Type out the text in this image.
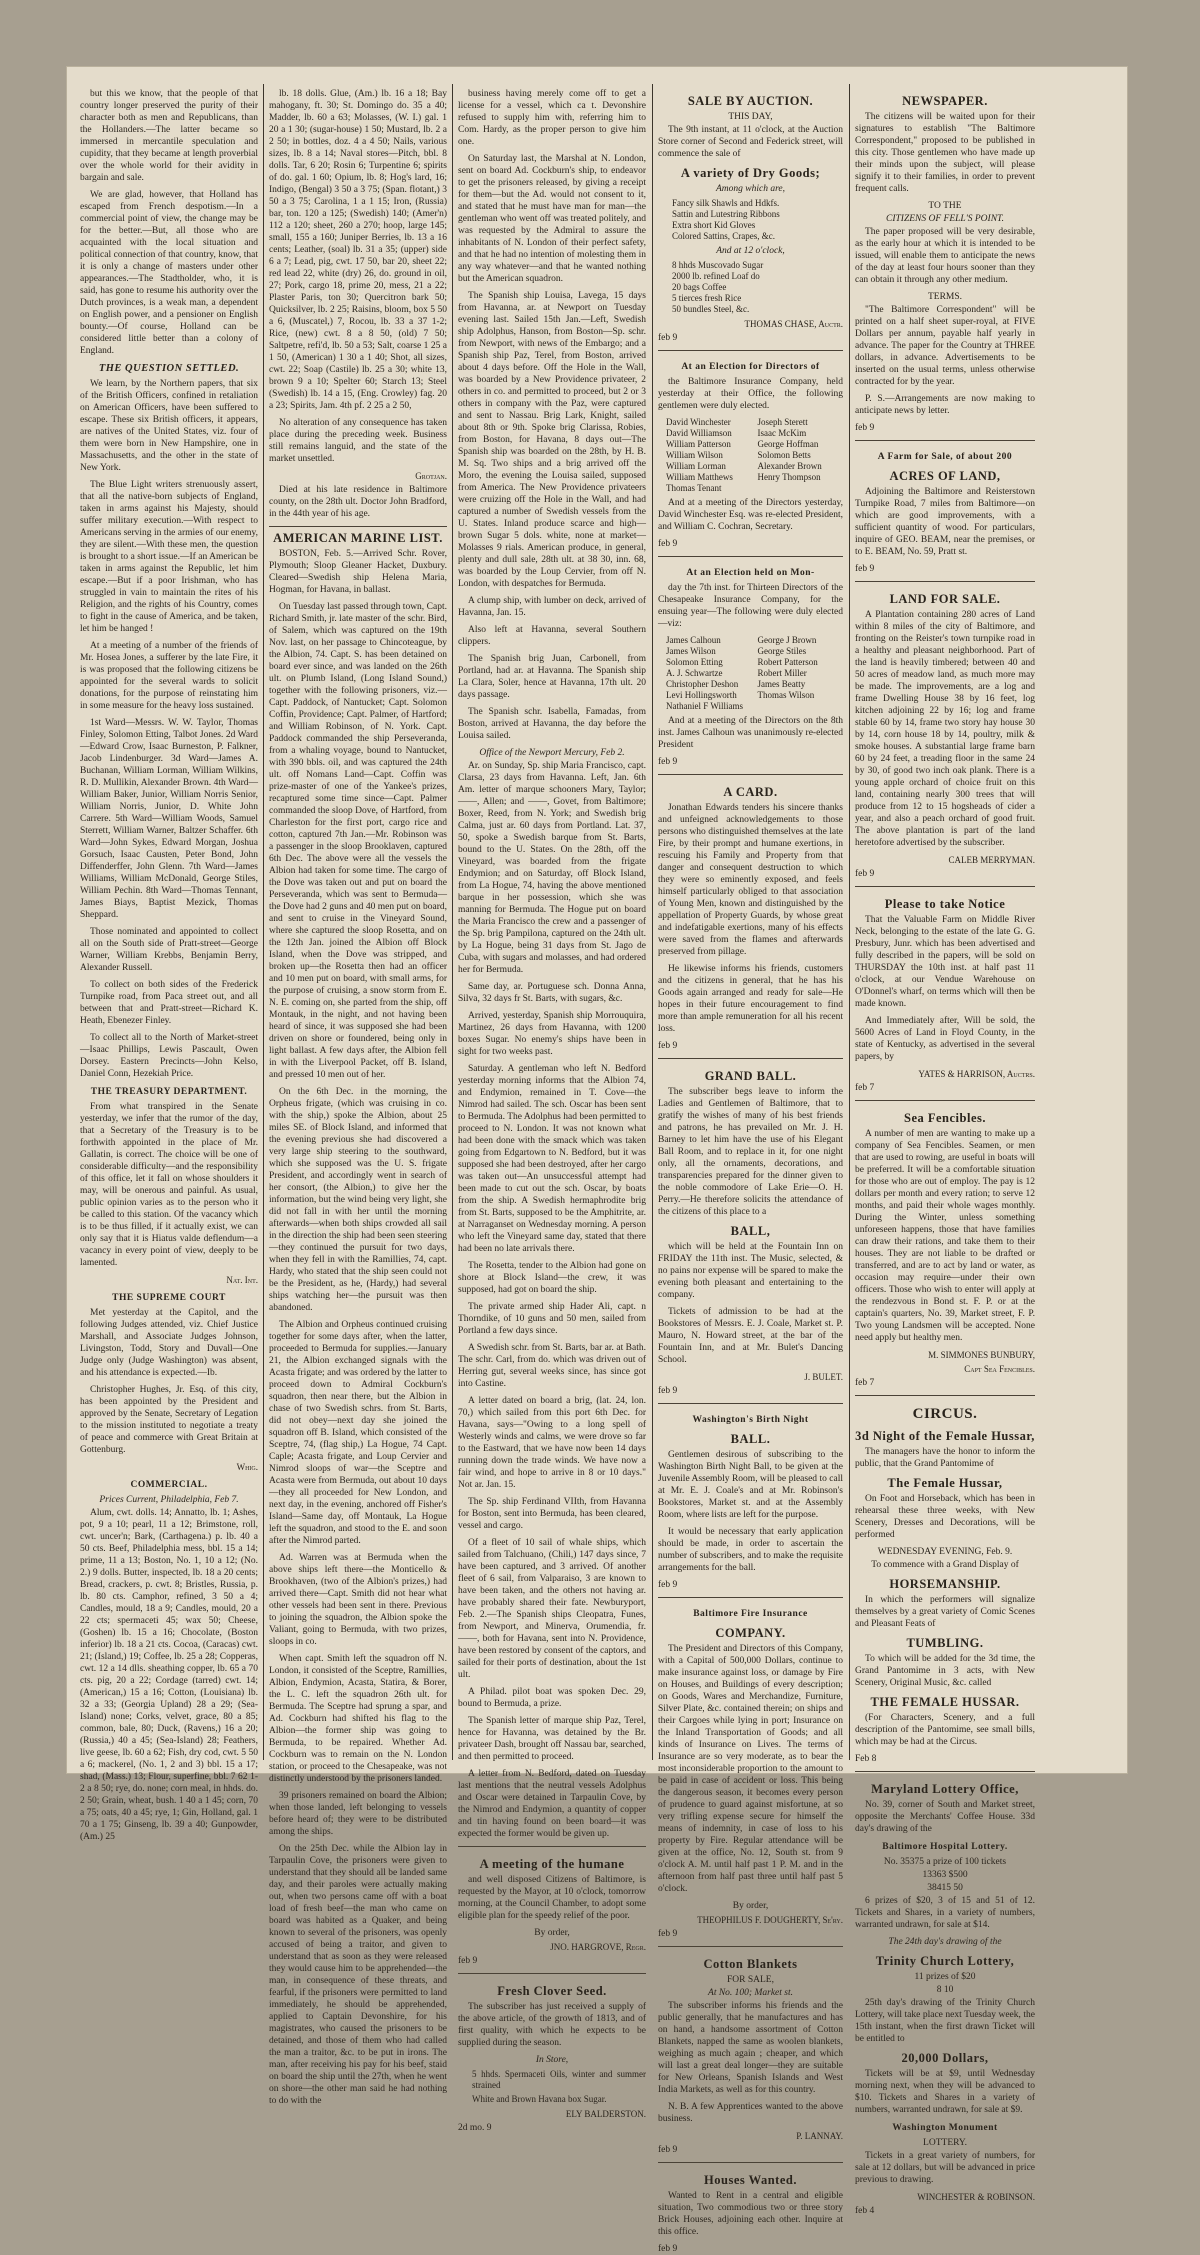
but this we know, that the people of that country longer preserved the purity of their character both as men and Republicans, than the Hollanders.—The latter became so immersed in mercantile speculation and cupidity, that they became at length proverbial over the whole world for their avidity in bargain and sale.

We are glad, however, that Holland has escaped from French despotism.—In a commercial point of view, the change may be for the better.—But, all those who are acquainted with the local situation and political connection of that country, know, that it is only a change of masters under other appearances.—The Stadtholder, who, it is said, has gone to resume his authority over the Dutch provinces, is a weak man, a dependent on English power, and a pensioner on English bounty.—Of course, Holland can be considered little better than a colony of England.

THE QUESTION SETTLED.

We learn, by the Northern papers, that six of the British Officers, confined in retaliation on American Officers, have been suffered to escape. These six British officers, it appears, are natives of the United States, viz. four of them were born in New Hampshire, one in Massachusetts, and the other in the state of New York.

The Blue Light writers strenuously assert, that all the native-born subjects of England, taken in arms against his Majesty, should suffer military execution.—With respect to Americans serving in the armies of our enemy, they are silent.—With these men, the question is brought to a short issue.—If an American be taken in arms against the Republic, let him escape.—But if a poor Irishman, who has struggled in vain to maintain the rites of his Religion, and the rights of his Country, comes to fight in the cause of America, and be taken, let him be hanged !

At a meeting of a number of the friends of Mr. Hosea Jones, a sufferer by the late Fire, it is was proposed that the following citizens be appointed for the several wards to solicit donations, for the purpose of reinstating him in some measure for the heavy loss sustained.

1st Ward—Messrs. W. W. Taylor, Thomas Finley, Solomon Etting, Talbot Jones. 2d Ward—Edward Crow, Isaac Burneston, P. Falkner, Jacob Lindenburger. 3d Ward—James A. Buchanan, William Lorman, William Wilkins, R. D. Mullikin, Alexander Brown. 4th Ward—William Baker, Junior, William Norris Senior, William Norris, Junior, D. White John Carrere. 5th Ward—William Woods, Samuel Sterrett, William Warner, Baltzer Schaffer. 6th Ward—John Sykes, Edward Morgan, Joshua Gorsuch, Isaac Causten, Peter Bond, John Diffenderffer, John Glenn. 7th Ward—James Williams, William McDonald, George Stiles, William Pechin. 8th Ward—Thomas Tennant, James Biays, Baptist Mezick, Thomas Sheppard.

Those nominated and appointed to collect all on the South side of Pratt-street—George Warner, William Krebbs, Benjamin Berry, Alexander Russell.

To collect on both sides of the Frederick Turnpike road, from Paca street out, and all between that and Pratt-street—Richard K. Heath, Ebenezer Finley.

To collect all to the North of Market-street—Isaac Phillips, Lewis Pascault, Owen Dorsey. Eastern Precincts—John Kelso, Daniel Conn, Hezekiah Price.

THE TREASURY DEPARTMENT.

From what transpired in the Senate yesterday, we infer that the rumor of the day, that a Secretary of the Treasury is to be forthwith appointed in the place of Mr. Gallatin, is correct. The choice will be one of considerable difficulty—and the responsibility of this office, let it fall on whose shoulders it may, will be onerous and painful. As usual, public opinion varies as to the person who it be called to this station. Of the vacancy which is to be thus filled, if it actually exist, we can only say that it is Hiatus valde deflendum—a vacancy in every point of view, deeply to be lamented.

Nat. Int.
THE SUPREME COURT

Met yesterday at the Capitol, and the following Judges attended, viz. Chief Justice Marshall, and Associate Judges Johnson, Livingston, Todd, Story and Duvall—One Judge only (Judge Washington) was absent, and his attendance is expected.—Ib.

Christopher Hughes, Jr. Esq. of this city, has been appointed by the President and approved by the Senate, Secretary of Legation to the mission instituted to negotiate a treaty of peace and commerce with Great Britain at Gottenburg.

Whig.
COMMERCIAL.
Prices Current, Philadelphia, Feb 7.

Alum, cwt. dolls. 14; Annatto, lb. 1; Ashes, pot, 9 a 10; pearl, 11 a 12; Brimstone, roll, cwt. uncer'n; Bark, (Carthagena.) p. lb. 40 a 50 cts. Beef, Philadelphia mess, bbl. 15 a 14; prime, 11 a 13; Boston, No. 1, 10 a 12; (No. 2.) 9 dolls. Butter, inspected, lb. 18 a 20 cents; Bread, crackers, p. cwt. 8; Bristles, Russia, p. lb. 80 cts. Camphor, refined, 3 50 a 4; Candles, mould, 18 a 9; Candles, mould, 20 a 22 cts; spermaceti 45; wax 50; Cheese, (Goshen) lb. 15 a 16; Chocolate, (Boston inferior) lb. 18 a 21 cts. Cocoa, (Caracas) cwt. 21; (Island,) 19; Coffee, lb. 25 a 28; Copperas, cwt. 12 a 14 dlls. sheathing copper, lb. 65 a 70 cts. pig, 20 a 22; Cordage (tarred) cwt. 14; (American,) 15 a 16; Cotton, (Louisiana) lb. 32 a 33; (Georgia Upland) 28 a 29; (Sea-Island) none; Corks, velvet, grace, 80 a 85; common, bale, 80; Duck, (Ravens,) 16 a 20; (Russia,) 40 a 45; (Sea-Island) 28; Feathers, live geese, lb. 60 a 62; Fish, dry cod, cwt. 5 50 a 6; mackerel, (No. 1, 2 and 3) bbl. 15 a 17; shad, (Mass.) 13; Flour, superfine, bbl. 7 62 1-2 a 8 50; rye, do. none; corn meal, in hhds. do. 2 50; Grain, wheat, bush. 1 40 a 1 45; corn, 70 a 75; oats, 40 a 45; rye, 1; Gin, Holland, gal. 1 70 a 1 75; Ginseng, lb. 39 a 40; Gunpowder, (Am.) 25

lb. 18 dolls. Glue, (Am.) lb. 16 a 18; Bay mahogany, ft. 30; St. Domingo do. 35 a 40; Madder, lb. 60 a 63; Molasses, (W. I.) gal. 1 20 a 1 30; (sugar-house) 1 50; Mustard, lb. 2 a 2 50; in bottles, doz. 4 a 4 50; Nails, various sizes, lb. 8 a 14; Naval stores—Pitch, bbl. 8 dolls. Tar, 6 20; Rosin 6; Turpentine 6; spirits of do. gal. 1 60; Opium, lb. 8; Hog's lard, 16; Indigo, (Bengal) 3 50 a 3 75; (Span. flotant,) 3 50 a 3 75; Carolina, 1 a 1 15; Iron, (Russia) bar, ton. 120 a 125; (Swedish) 140; (Amer'n) 112 a 120; sheet, 260 a 270; hoop, large 145; small, 155 a 160; Juniper Berries, lb. 13 a 16 cents; Leather, (soal) lb. 31 a 35; (upper) side 6 a 7; Lead, pig, cwt. 17 50, bar 20, sheet 22; red lead 22, white (dry) 26, do. ground in oil, 27; Pork, cargo 18, prime 20, mess, 21 a 22; Plaster Paris, ton 30; Quercitron bark 50; Quicksilver, lb. 2 25; Raisins, bloom, box 5 50 a 6, (Muscatel,) 7, Rocou, lb. 33 a 37 1-2; Rice, (new) cwt. 8 a 8 50, (old) 7 50; Saltpetre, refi'd, lb. 50 a 53; Salt, coarse 1 25 a 1 50, (American) 1 30 a 1 40; Shot, all sizes, cwt. 22; Soap (Castile) lb. 25 a 30; white 13, brown 9 a 10; Spelter 60; Starch 13; Steel (Swedish) lb. 14 a 15, (Eng. Crowley) fag. 20 a 23; Spirits, Jam. 4th pf. 2 25 a 2 50,

No alteration of any consequence has taken place during the preceding week. Business still remains languid, and the state of the market unsettled.

Grotjan.

Died at his late residence in Baltimore county, on the 28th ult. Doctor John Bradford, in the 44th year of his age.

AMERICAN MARINE LIST.

BOSTON, Feb. 5.—Arrived Schr. Rover, Plymouth; Sloop Gleaner Hacket, Duxbury. Cleared—Swedish ship Helena Maria, Hogman, for Havana, in ballast.

On Tuesday last passed through town, Capt. Richard Smith, jr. late master of the schr. Bird, of Salem, which was captured on the 19th Nov. last, on her passage to Chincoteague, by the Albion, 74. Capt. S. has been detained on board ever since, and was landed on the 26th ult. on Plumb Island, (Long Island Sound,) together with the following prisoners, viz.—Capt. Paddock, of Nantucket; Capt. Solomon Coffin, Providence; Capt. Palmer, of Hartford; and William Robinson, of N. York. Capt. Paddock commanded the ship Perseveranda, from a whaling voyage, bound to Nantucket, with 390 bbls. oil, and was captured the 24th ult. off Nomans Land—Capt. Coffin was prize-master of one of the Yankee's prizes, recaptured some time since—Capt. Palmer commanded the sloop Dove, of Hartford, from Charleston for the first port, cargo rice and cotton, captured 7th Jan.—Mr. Robinson was a passenger in the sloop Brooklaven, captured 6th Dec. The above were all the vessels the Albion had taken for some time. The cargo of the Dove was taken out and put on board the Perseveranda, which was sent to Bermuda—the Dove had 2 guns and 40 men put on board, and sent to cruise in the Vineyard Sound, where she captured the sloop Rosetta, and on the 12th Jan. joined the Albion off Block Island, when the Dove was stripped, and broken up—the Rosetta then had an officer and 10 men put on board, with small arms, for the purpose of cruising, a snow storm from E. N. E. coming on, she parted from the ship, off Montauk, in the night, and not having been heard of since, it was supposed she had been driven on shore or foundered, being only in light ballast. A few days after, the Albion fell in with the Liverpool Packet, off B. Island, and pressed 10 men out of her.

On the 6th Dec. in the morning, the Orpheus frigate, (which was cruising in co. with the ship,) spoke the Albion, about 25 miles SE. of Block Island, and informed that the evening previous she had discovered a very large ship steering to the southward, which she supposed was the U. S. frigate President, and accordingly went in search of her consort, (the Albion,) to give her the information, but the wind being very light, she did not fall in with her until the morning afterwards—when both ships crowded all sail in the direction the ship had been seen steering—they continued the pursuit for two days, when they fell in with the Ramillies, 74, capt. Hardy, who stated that the ship seen could not be the President, as he, (Hardy,) had several ships watching her—the pursuit was then abandoned.

The Albion and Orpheus continued cruising together for some days after, when the latter, proceeded to Bermuda for supplies.—January 21, the Albion exchanged signals with the Acasta frigate; and was ordered by the latter to proceed down to Admiral Cockburn's squadron, then near there, but the Albion in chase of two Swedish schrs. from St. Barts, did not obey—next day she joined the squadron off B. Island, which consisted of the Sceptre, 74, (flag ship,) La Hogue, 74 Capt. Caple; Acasta frigate, and Loup Cervier and Nimrod sloops of war—the Sceptre and Acasta were from Bermuda, out about 10 days—they all proceeded for New London, and next day, in the evening, anchored off Fisher's Island—Same day, off Montauk, La Hogue left the squadron, and stood to the E. and soon after the Nimrod parted.

Ad. Warren was at Bermuda when the above ships left there—the Monticello & Brookhaven, (two of the Albion's prizes,) had arrived there—Capt. Smith did not hear what other vessels had been sent in there. Previous to joining the squadron, the Albion spoke the Valiant, going to Bermuda, with two prizes, sloops in co.

When capt. Smith left the squadron off N. London, it consisted of the Sceptre, Ramillies, Albion, Endymion, Acasta, Statira, & Borer, the L. C. left the squadron 26th ult. for Bermuda. The Sceptre had sprung a spar, and Ad. Cockburn had shifted his flag to the Albion—the former ship was going to Bermuda, to be repaired. Whether Ad. Cockburn was to remain on the N. London station, or proceed to the Chesapeake, was not distinctly understood by the prisoners landed.

39 prisoners remained on board the Albion; when those landed, left belonging to vessels before heard of; they were to be distributed among the ships.

On the 25th Dec. while the Albion lay in Tarpaulin Cove, the prisoners were given to understand that they should all be landed same day, and their paroles were actually making out, when two persons came off with a boat load of fresh beef—the man who came on board was habited as a Quaker, and being known to several of the prisoners, was openly accused of being a traitor, and given to understand that as soon as they were released they would cause him to be apprehended—the man, in consequence of these threats, and fearful, if the prisoners were permitted to land immediately, he should be apprehended, applied to Captain Devonshire, for his magistrates, who caused the prisoners to be detained, and those of them who had called the man a traitor, &c. to be put in irons. The man, after receiving his pay for his beef, staid on board the ship until the 27th, when he went on shore—the other man said he had nothing to do with the

business having merely come off to get a license for a vessel, which ca t. Devonshire refused to supply him with, referring him to Com. Hardy, as the proper person to give him one.

On Saturday last, the Marshal at N. London, sent on board Ad. Cockburn's ship, to endeavor to get the prisoners released, by giving a receipt for them—but the Ad. would not consent to it, and stated that he must have man for man—the gentleman who went off was treated politely, and was requested by the Admiral to assure the inhabitants of N. London of their perfect safety, and that he had no intention of molesting them in any way whatever—and that he wanted nothing but the American squadron.

The Spanish ship Louisa, Lavega, 15 days from Havanna, ar. at Newport on Tuesday evening last. Sailed 15th Jan.—Left, Swedish ship Adolphus, Hanson, from Boston—Sp. schr. from Newport, with news of the Embargo; and a Spanish ship Paz, Terel, from Boston, arrived about 4 days before. Off the Hole in the Wall, was boarded by a New Providence privateer, 2 others in co. and permitted to proceed, but 2 or 3 others in company with the Paz, were captured and sent to Nassau. Brig Lark, Knight, sailed about 8th or 9th. Spoke brig Clarissa, Robies, from Boston, for Havana, 8 days out—The Spanish ship was boarded on the 28th, by H. B. M. Sq. Two ships and a brig arrived off the Moro, the evening the Louisa sailed, supposed from America. The New Providence privateers were cruizing off the Hole in the Wall, and had captured a number of Swedish vessels from the U. States. Inland produce scarce and high—brown Sugar 5 dols. white, none at market—Molasses 9 rials. American produce, in general, plenty and dull sale, 28th ult. at 38 30, inn. 68, was boarded by the Loup Cervier, from off N. London, with despatches for Bermuda.

A clump ship, with lumber on deck, arrived of Havanna, Jan. 15.

Also left at Havanna, several Southern clippers.

The Spanish brig Juan, Carbonell, from Portland, had ar. at Havanna. The Spanish ship La Clara, Soler, hence at Havanna, 17th ult. 20 days passage.

The Spanish schr. Isabella, Famadas, from Boston, arrived at Havanna, the day before the Louisa sailed.

Office of the Newport Mercury, Feb 2.

Ar. on Sunday, Sp. ship Maria Francisco, capt. Clarsa, 23 days from Havanna. Left, Jan. 6th Am. letter of marque schooners Mary, Taylor; ——, Allen; and ——, Govet, from Baltimore; Boxer, Reed, from N. York; and Swedish brig Calma, just ar. 60 days from Portland. Lat. 37, 50, spoke a Swedish barque from St. Barts, bound to the U. States. On the 28th, off the Vineyard, was boarded from the frigate Endymion; and on Saturday, off Block Island, from La Hogue, 74, having the above mentioned barque in her possession, which she was manning for Bermuda. The Hogue put on board the Maria Francisco the crew and a passenger of the Sp. brig Pampilona, captured on the 24th ult. by La Hogue, being 31 days from St. Jago de Cuba, with sugars and molasses, and had ordered her for Bermuda.

Same day, ar. Portuguese sch. Donna Anna, Silva, 32 days fr St. Barts, with sugars, &c.

Arrived, yesterday, Spanish ship Morrouquira, Martinez, 26 days from Havanna, with 1200 boxes Sugar. No enemy's ships have been in sight for two weeks past.

Saturday. A gentleman who left N. Bedford yesterday morning informs that the Albion 74, and Endymion, remained in T. Cove—the Nimrod had sailed. The sch. Oscar has been sent to Bermuda. The Adolphus had been permitted to proceed to N. London. It was not known what had been done with the smack which was taken going from Edgartown to N. Bedford, but it was supposed she had been destroyed, after her cargo was taken out—An unsuccessful attempt had been made to cut out the sch. Oscar, by boats from the ship. A Swedish hermaphrodite brig from St. Barts, supposed to be the Amphitrite, ar. at Narraganset on Wednesday morning. A person who left the Vineyard same day, stated that there had been no late arrivals there.

The Rosetta, tender to the Albion had gone on shore at Block Island—the crew, it was supposed, had got on board the ship.

The private armed ship Hader Ali, capt. n Thorndike, of 10 guns and 50 men, sailed from Portland a few days since.

A Swedish schr. from St. Barts, bar ar. at Bath. The schr. Carl, from do. which was driven out of Herring gut, several weeks since, has since got into Castine.

A letter dated on board a brig, (lat. 24, lon. 70,) which sailed from this port 6th Dec. for Havana, says—"Owing to a long spell of Westerly winds and calms, we were drove so far to the Eastward, that we have now been 14 days running down the trade winds. We have now a fair wind, and hope to arrive in 8 or 10 days." Not ar. Jan. 15.

The Sp. ship Ferdinand VIIth, from Havanna for Boston, sent into Bermuda, has been cleared, vessel and cargo.

Of a fleet of 10 sail of whale ships, which sailed from Talchuano, (Chili,) 147 days since, 7 have been captured, and 3 arrived. Of another fleet of 6 sail, from Valparaiso, 3 are known to have been taken, and the others not having ar. have probably shared their fate. Newburyport, Feb. 2.—The Spanish ships Cleopatra, Funes, from Newport, and Minerva, Orumendia, fr. ——, both for Havana, sent into N. Providence, have been restored by consent of the captors, and sailed for their ports of destination, about the 1st ult.

A Philad. pilot boat was spoken Dec. 29, bound to Bermuda, a prize.

The Spanish letter of marque ship Paz, Terel, hence for Havanna, was detained by the Br. privateer Dash, brought off Nassau bar, searched, and then permitted to proceed.

A letter from N. Bedford, dated on Tuesday last mentions that the neutral vessels Adolphus and Oscar were detained in Tarpaulin Cove, by the Nimrod and Endymion, a quantity of copper and tin having found on been board—it was expected the former would be given up.

A meeting of the humane

and well disposed Citizens of Baltimore, is requested by the Mayor, at 10 o'clock, tomorrow morning, at the Council Chamber, to adopt some eligible plan for the speedy relief of the poor.

By order,
JNO. HARGROVE, Regr.
feb 9
Fresh Clover Seed.

The subscriber has just received a supply of the above article, of the growth of 1813, and of first quality, with which he expects to be supplied during the season.

In Store,
5 hhds. Spermaceti Oils, winter and summer strained
White and Brown Havana box Sugar.
ELY BALDERSTON.
2d mo. 9
SALE BY AUCTION.
THIS DAY,

The 9th instant, at 11 o'clock, at the Auction Store corner of Second and Federick street, will commence the sale of

A variety of Dry Goods;
Among which are,
Fancy silk Shawls and Hdkfs.
Sattin and Lutestring Ribbons
Extra short Kid Gloves
Colored Sattins, Crapes, &c.
And at 12 o'clock,
8 hhds Muscovado Sugar
2000 lb. refined Loaf do
20 bags Coffee
5 tierces fresh Rice
50 bundles Steel, &c.
THOMAS CHASE, Auctr.
feb 9
At an Election for Directors of

the Baltimore Insurance Company, held yesterday at their Office, the following gentlemen were duly elected.

David Winchester	Joseph Sterett
David Williamson	Isaac McKim
William Patterson	George Hoffman
William Wilson	Solomon Betts
William Lorman	Alexander Brown
William Matthews	Henry Thompson
Thomas Tenant

And at a meeting of the Directors yesterday, David Winchester Esq. was re-elected President, and William C. Cochran, Secretary.

feb 9
At an Election held on Mon-

day the 7th inst. for Thirteen Directors of the Chesapeake Insurance Company, for the ensuing year—The following were duly elected—viz:

James Calhoun	George J Brown
James Wilson	George Stiles
Solomon Etting	Robert Patterson
A. J. Schwartze	Robert Miller
Christopher Deshon	James Beatty
Levi Hollingsworth	Thomas Wilson
Nathaniel F Williams

And at a meeting of the Directors on the 8th inst. James Calhoun was unanimously re-elected President

feb 9
A CARD.

Jonathan Edwards tenders his sincere thanks and unfeigned acknowledgements to those persons who distinguished themselves at the late Fire, by their prompt and humane exertions, in rescuing his Family and Property from that danger and consequent destruction to which they were so eminently exposed, and feels himself particularly obliged to that association of Young Men, known and distinguished by the appellation of Property Guards, by whose great and indefatigable exertions, many of his effects were saved from the flames and afterwards preserved from pillage.

He likewise informs his friends, customers and the citizens in general, that he has his Goods again arranged and ready for sale—He hopes in their future encouragement to find more than ample remuneration for all his recent loss.

feb 9
GRAND BALL.

The subscriber begs leave to inform the Ladies and Gentlemen of Baltimore, that to gratify the wishes of many of his best friends and patrons, he has prevailed on Mr. J. H. Barney to let him have the use of his Elegant Ball Room, and to replace in it, for one night only, all the ornaments, decorations, and transparencies prepared for the dinner given to the noble commodore of Lake Erie—O. H. Perry.—He therefore solicits the attendance of the citizens of this place to a

BALL,

which will be held at the Fountain Inn on FRIDAY the 11th inst. The Music, selected, & no pains nor expense will be spared to make the evening both pleasant and entertaining to the company.

Tickets of admission to be had at the Bookstores of Messrs. E. J. Coale, Market st. P. Mauro, N. Howard street, at the bar of the Fountain Inn, and at Mr. Bulet's Dancing School.

J. BULET.
feb 9
Washington's Birth Night
BALL.

Gentlemen desirous of subscribing to the Washington Birth Night Ball, to be given at the Juvenile Assembly Room, will be pleased to call at Mr. E. J. Coale's and at Mr. Robinson's Bookstores, Market st. and at the Assembly Room, where lists are left for the purpose.

It would be necessary that early application should be made, in order to ascertain the number of subscribers, and to make the requisite arrangements for the ball.

feb 9
Baltimore Fire Insurance
COMPANY.

The President and Directors of this Company, with a Capital of 500,000 Dollars, continue to make insurance against loss, or damage by Fire on Houses, and Buildings of every description; on Goods, Wares and Merchandize, Furniture, Silver Plate, &c. contained therein; on ships and their Cargoes while lying in port; Insurance on the Inland Transportation of Goods; and all kinds of Insurance on Lives. The terms of Insurance are so very moderate, as to bear the most inconsiderable proportion to the amount to be paid in case of accident or loss. This being the dangerous season, it becomes every person of prudence to guard against misfortune, at so very trifling expense secure for himself the means of indemnity, in case of loss to his property by Fire. Regular attendance will be given at the office, No. 12, South st. from 9 o'clock A. M. until half past 1 P. M. and in the afternoon from half past three until half past 5 o'clock.

By order,
THEOPHILUS F. DOUGHERTY, Se'ry.
feb 9
Cotton Blankets
FOR SALE,
At No. 100; Market st.

The subscriber informs his friends and the public generally, that he manufactures and has on hand, a handsome assortment of Cotton Blankets, napped the same as woolen blankets, weighing as much again ; cheaper, and which will last a great deal longer—they are suitable for New Orleans, Spanish Islands and West India Markets, as well as for this country.

N. B. A few Apprentices wanted to the above business.

P. LANNAY.
feb 9
Houses Wanted.

Wanted to Rent in a central and eligible situation, Two commodious two or three story Brick Houses, adjoining each other. Inquire at this office.

feb 9
NEWSPAPER.

The citizens will be waited upon for their signatures to establish "The Baltimore Correspondent," proposed to be published in this city. Those gentlemen who have made up their minds upon the subject, will please signify it to their families, in order to prevent frequent calls.

TO THE
CITIZENS OF FELL'S POINT.

The paper proposed will be very desirable, as the early hour at which it is intended to be issued, will enable them to anticipate the news of the day at least four hours sooner than they can obtain it through any other medium.

TERMS.

"The Baltimore Correspondent" will be printed on a half sheet super-royal, at FIVE Dollars per annum, payable half yearly in advance. The paper for the Country at THREE dollars, in advance. Advertisements to be inserted on the usual terms, unless otherwise contracted for by the year.

P. S.—Arrangements are now making to anticipate news by letter.

feb 9
A Farm for Sale, of about 200
ACRES OF LAND,

Adjoining the Baltimore and Reisterstown Turnpike Road, 7 miles from Baltimore—on which are good improvements, with a sufficient quantity of wood. For particulars, inquire of GEO. BEAM, near the premises, or to E. BEAM, No. 59, Pratt st.

feb 9
LAND FOR SALE.

A Plantation containing 280 acres of Land within 8 miles of the city of Baltimore, and fronting on the Reister's town turnpike road in a healthy and pleasant neighborhood. Part of the land is heavily timbered; between 40 and 50 acres of meadow land, as much more may be made. The improvements, are a log and frame Dwelling House 38 by 16 feet, log kitchen adjoining 22 by 16; log and frame stable 60 by 14, frame two story hay house 30 by 14, corn house 18 by 14, poultry, milk & smoke houses. A substantial large frame barn 60 by 24 feet, a treading floor in the same 24 by 30, of good two inch oak plank. There is a young apple orchard of choice fruit on this land, containing nearly 300 trees that will produce from 12 to 15 hogsheads of cider a year, and also a peach orchard of good fruit. The above plantation is part of the land heretofore advertised by the subscriber.

CALEB MERRYMAN.
feb 9
Please to take Notice

That the Valuable Farm on Middle River Neck, belonging to the estate of the late G. G. Presbury, Junr. which has been advertised and fully described in the papers, will be sold on THURSDAY the 10th inst. at half past 11 o'clock, at our Vendue Warehouse on O'Donnel's wharf, on terms which will then be made known.

And Immediately after, Will be sold, the 5600 Acres of Land in Floyd County, in the state of Kentucky, as advertised in the several papers, by

YATES & HARRISON, Auctrs.
feb 7
Sea Fencibles.

A number of men are wanting to make up a company of Sea Fencibles. Seamen, or men that are used to rowing, are useful in boats will be preferred. It will be a comfortable situation for those who are out of employ. The pay is 12 dollars per month and every ration; to serve 12 months, and paid their whole wages monthly. During the Winter, unless something unforeseen happens, those that have families can draw their rations, and take them to their houses. They are not liable to be drafted or transferred, and are to act by land or water, as occasion may require—under their own officers. Those who wish to enter will apply at the rendezvous in Bond st. F. P. or at the captain's quarters, No. 39, Market street, F. P. Two young Landsmen will be accepted. None need apply but healthy men.

M. SIMMONES BUNBURY,
Capt Sea Fencibles.
feb 7
CIRCUS.
3d Night of the Female Hussar,

The managers have the honor to inform the public, that the Grand Pantomime of

The Female Hussar,

On Foot and Horseback, which has been in rehearsal these three weeks, with New Scenery, Dresses and Decorations, will be performed

WEDNESDAY EVENING, Feb. 9.
To commence with a Grand Display of
HORSEMANSHIP.

In which the performers will signalize themselves by a great variety of Comic Scenes and Pleasant Feats of

TUMBLING.

To which will be added for the 3d time, the Grand Pantomime in 3 acts, with New Scenery, Original Music, &c. called

THE FEMALE HUSSAR.

(For Characters, Scenery, and a full description of the Pantomime, see small bills, which may be had at the Circus.

Feb 8
Maryland Lottery Office,

No. 39, corner of South and Market street, opposite the Merchants' Coffee House. 33d day's drawing of the

Baltimore Hospital Lottery.
No. 35375 a prize of 100 tickets
13363 $500
38415 50

6 prizes of $20, 3 of 15 and 51 of 12. Tickets and Shares, in a variety of numbers, warranted undrawn, for sale at $14.

The 24th day's drawing of the
Trinity Church Lottery,
11 prizes of $20
8 10

25th day's drawing of the Trinity Church Lottery, will take place next Tuesday week, the 15th instant, when the first drawn Ticket will be entitled to

20,000 Dollars,

Tickets will be at $9, until Wednesday morning next, when they will be advanced to $10. Tickets and Shares in a variety of numbers, warranted undrawn, for sale at $9.

Washington Monument
LOTTERY.

Tickets in a great variety of numbers, for sale at 12 dollars, but will be advanced in price previous to drawing.

WINCHESTER & ROBINSON.
feb 4
